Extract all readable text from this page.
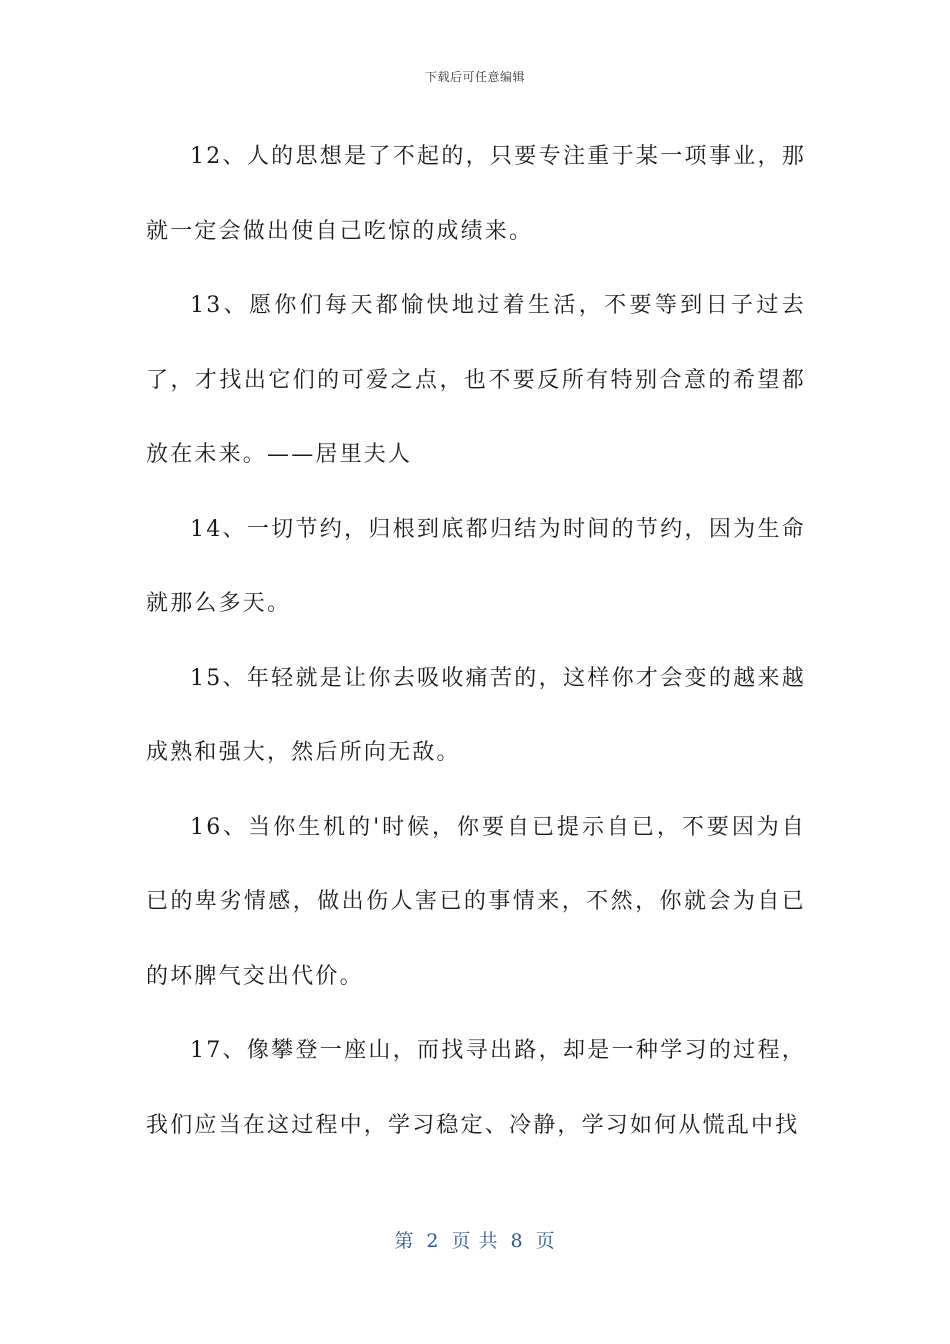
下载后可任意编辑

12、人的思想是了不起的，只要专注重于某一项事业，那就一定会做出使自己吃惊的成绩来。

13、愿你们每天都愉快地过着生活，不要等到日子过去了，才找出它们的可爱之点，也不要反所有特别合意的希望都放在未来。——居里夫人

14、一切节约，归根到底都归结为时间的节约，因为生命就那么多天。

15、年轻就是让你去吸收痛苦的，这样你才会变的越来越成熟和强大，然后所向无敌。

16、当你生机的'时候，你要自已提示自已，不要因为自已的卑劣情感，做出伤人害已的事情来，不然，你就会为自已的坏脾气交出代价。

17、像攀登一座山，而找寻出路，却是一种学习的过程，我们应当在这过程中，学习稳定、冷静，学习如何从慌乱中找

第 2 页 共 8 页
